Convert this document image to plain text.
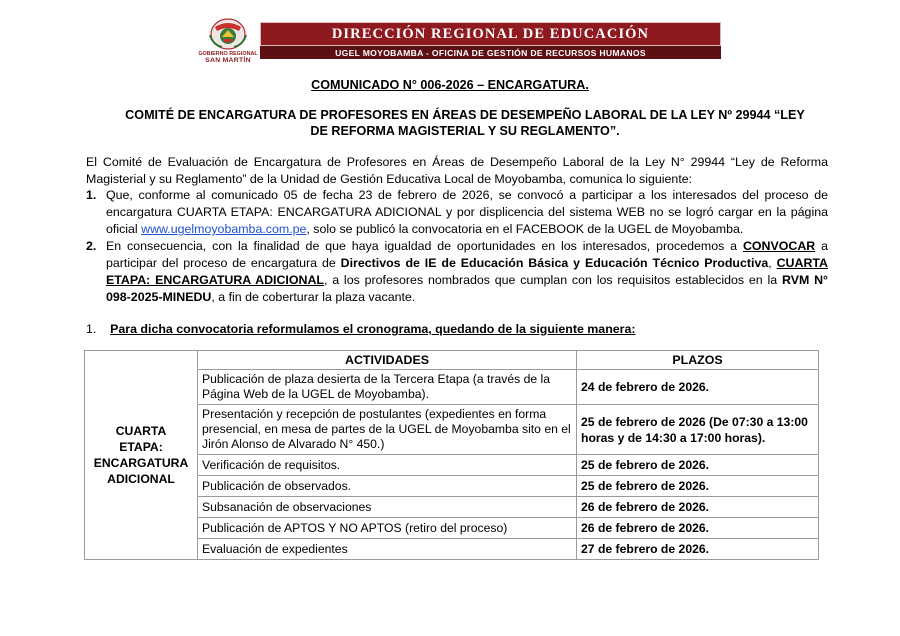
GOBIERNO REGIONAL
SAN MARTÍN
DIRECCIÓN REGIONAL DE EDUCACIÓN
UGEL MOYOBAMBA - OFICINA DE GESTIÓN DE RECURSOS HUMANOS
COMUNICADO N° 006-2026 – ENCARGATURA.
COMITÉ DE ENCARGATURA DE PROFESORES EN ÁREAS DE DESEMPEÑO LABORAL DE LA LEY Nº 29944 “LEY DE REFORMA MAGISTERIAL Y SU REGLAMENTO”.
El Comité de Evaluación de Encargatura de Profesores en Áreas de Desempeño Laboral de la Ley N° 29944 “Ley de Reforma Magisterial y su Reglamento” de la Unidad de Gestión Educativa Local de Moyobamba, comunica lo siguiente:
1. Que, conforme al comunicado 05 de fecha 23 de febrero de 2026, se convocó a participar a los interesados del proceso de encargatura CUARTA ETAPA: ENCARGATURA ADICIONAL y por displicencia del sistema WEB no se logró cargar en la página oficial www.ugelmoyobamba.com.pe, solo se publicó la convocatoria en el FACEBOOK de la UGEL de Moyobamba.
2. En consecuencia, con la finalidad de que haya igualdad de oportunidades en los interesados, procedemos a CONVOCAR a participar del proceso de encargatura de Directivos de IE de Educación Básica y Educación Técnico Productiva, CUARTA ETAPA: ENCARGATURA ADICIONAL, a los profesores nombrados que cumplan con los requisitos establecidos en la RVM N° 098-2025-MINEDU, a fin de coberturar la plaza vacante.
1. Para dicha convocatoria reformulamos el cronograma, quedando de la siguiente manera:
CUARTA
ETAPA:
ENCARGATURA
ADICIONAL	ACTIVIDADES	PLAZOS
	Publicación de plaza desierta de la Tercera Etapa (a través de la Página Web de la UGEL de Moyobamba).	24 de febrero de 2026.
	Presentación y recepción de postulantes (expedientes en forma presencial, en mesa de partes de la UGEL de Moyobamba sito en el Jirón Alonso de Alvarado N° 450.)	25 de febrero de 2026 (De 07:30 a 13:00 horas y de 14:30 a 17:00 horas).
	Verificación de requisitos.	25 de febrero de 2026.
	Publicación de observados.	25 de febrero de 2026.
	Subsanación de observaciones	26 de febrero de 2026.
	Publicación de APTOS Y NO APTOS (retiro del proceso)	26 de febrero de 2026.
	Evaluación de expedientes	27 de febrero de 2026.
